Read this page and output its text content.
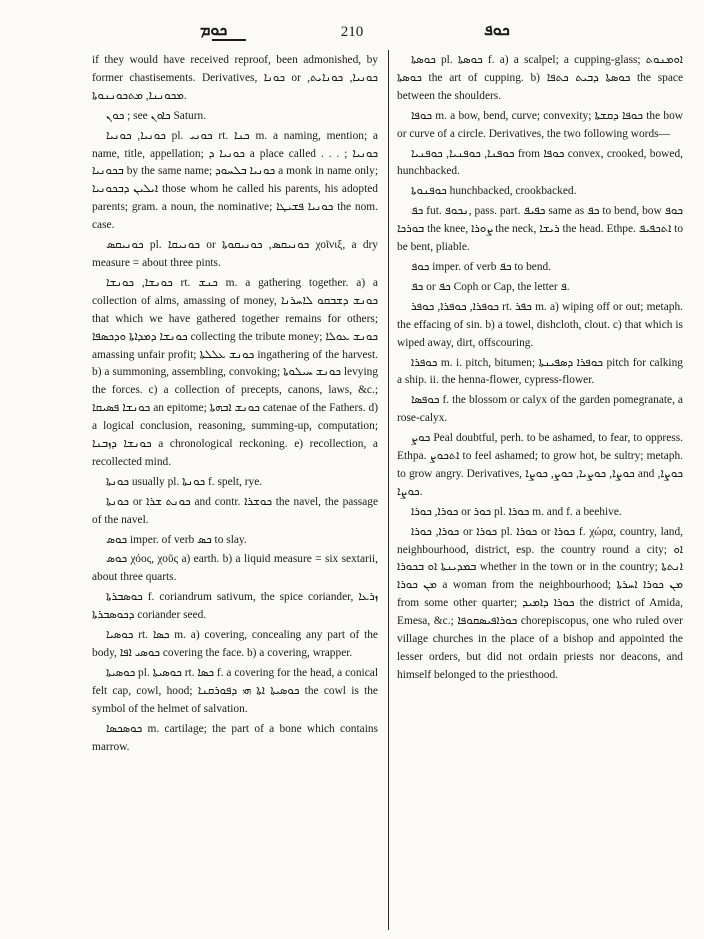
ܟܘܡ	210	ܟܘܦ

if they would have received reproof, been admonished, by former chastisements. Derivatives, ܟܘܢܐ or ܟܘܢܝܐ, ܟܘܢܐܝܬ, ܡܟܘܢܢܐ, ܡܬܟܘܢܢܘܬܐ.

ܟܘܢ ; see ܟܐܘܢ Saturn.

ܟܘܢܝܐ, ܟܘܢܝܐ pl. ܟܘܢܝ rt. ܟܢܐ m. a naming, mention; a name, title, appellation; ܟܘܢܝܐ ܕ a place called . . . ; ܟܘܢܝܐ ܒܟܘܢܝܐ by the same name; ܟܘܢܝܐ ܒܠܚܘܕ a monk in name only; ܐܝܠܝܢ ܕܒܟܘܢܝܐ those whom he called his parents, his adopted parents; gram. a noun, the nominative; ܟܘܢܝܐ ܦܫܝܛܐ the nom. case.

ܟܘܢܝܩܣ pl. ܟܘܢܝܩܐ or ܟܘܢܝܩܣ, ܟܘܢܝܩܘܬܐ χοῖνιξ, a dry measure = about three pints.

ܟܘܢܫܐ, ܟܘܢܫܐ rt. ܟܢܫ m. a gathering together. a) a collection of alms, amassing of money, ܟܘܢܫ ܕܫܒܩܘ ܠܐܚܪܢܐ that which we have gathered together remains for others; ܟܘܢܫܐ ܕܡܕܐܬܐ ܘܕܟܣܦܐ collecting the tribute money; ܟܘܢܫ ܥܘܠܐ amassing unfair profit; ܟܘܢܫ ܥܠܠܬܐ ingathering of the harvest. b) a summoning, assembling, convoking; ܟܘܢܫ ܚܝܠܘܬܐ levying the forces. c) a collection of precepts, canons, laws, &c.; ܟܘܢܫܐ ܦܣܝܩܐ an epitome; ܟܘܢܫ ܐܒܗܬܐ catenae of the Fathers. d) a logical conclusion, reasoning, summing-up, computation; ܟܘܢܫܐ ܕܙܒܢܐ a chronological reckoning. e) recollection, a recollected mind.

ܟܘܢܬܐ usually pl. ܟܘܢܬܐ f. spelt, rye.

ܟܘܢܬܐ or ܟܘܢܬ ܫܪܐ and contr. ܟܘܫܪܐ the navel, the passage of the navel.

ܟܘܣ imper. of verb ܟܣ to slay.

ܟܘܣ χόος, χοῦς a) earth. b) a liquid measure = six sextarii, about three quarts.

ܟܘܣܒܪܬܐ f. coriandrum sativum, the spice coriander, ܙܪܥܐ ܕܟܘܣܒܪܬܐ coriander seed.

ܟܘܣܝܐ rt. ܟܣܐ m. a) covering, concealing any part of the body, ܟܘܣܝ ܐܦܐ covering the face. b) a covering, wrapper.

ܟܘܣܝܬܐ pl. ܟܘܣܝܬܐ rt. ܟܣܐ f. a covering for the head, a conical felt cap, cowl, hood; ܟܘܣܝܬܐ ܐܬܐ ܗܝ ܕܦܘܪܩܢܐ the cowl is the symbol of the helmet of salvation.

ܟܘܣܟܣܐ m. cartilage; the part of a bone which contains marrow.

ܟܘܣܬܐ pl. ܟܘܣܬܐ f. a) a scalpel; a cupping-glass; ܐܘܡܢܘܬ ܟܘܣܬܐ the art of cupping. b) ܟܘܣܬܐ ܕܒܝܬ ܟܬܦܐ the space between the shoulders.

ܟܘܦܐ m. a bow, bend, curve; convexity; ܟܘܦܐ ܕܩܫܬܐ the bow or curve of a circle. Derivatives, the two following words—

ܟܘܦܢܐ, ܟܘܦܢܝܐ, ܟܘܦܢܝܐ from ܟܘܦܐ convex, crooked, bowed, hunchbacked.

ܟܘܦܢܘܬܐ hunchbacked, crookbacked.

ܟܦ fut. ܢܟܘܦ, pass. part. ܟܦܝܦ same as ܟܦ to bend, bow ܟܘܦ ܒܘܪܟܐ the knee, ܨܘܪܐ the neck, ܪܝܫܐ the head. Ethpe. ܐܬܟܦܝܦ to be bent, pliable.

ܟܘܦ imper. of verb ܟܦ to bend.

ܟܦ or ܟܦ Coph or Cap, the letter ܦ.

ܟܘܦܪܐ, ܟܘܦܪܐ, ܟܘܦܪ rt. ܟܦܪ m. a) wiping off or out; metaph. the effacing of sin. b) a towel, dishcloth, clout. c) that which is wiped away, dirt, offscouring.

ܟܘܦܪܐ m. i. pitch, bitumen; ܟܘܦܪܐ ܕܣܦܝܢܬܐ pitch for calking a ship. ii. the henna-flower, cypress-flower.

ܟܘܦܣܐ f. the blossom or calyx of the garden pomegranate, a rose-calyx.

ܟܘܨ Peal doubtful, perh. to be ashamed, to fear, to oppress. Ethpa. ܐܬܟܘܨ to feel ashamed; to grow hot, be sultry; metaph. to grow angry. Derivatives, ܟܘܨܐ, ܟܘܨܝܐ, ܟܘܨ, ܟܘܨܐ and ܟܘܨܐ, ܟܘܨܐ.

ܟܘܪܐ, ܟܘܪܐ or ܟܘܪ pl. ܟܘܪܐ m. and f. a beehive.

ܟܘܪܐ, ܟܘܪܐ or ܟܘܪܐ pl. ܟܘܪܐ or ܟܘܪܐ f. χώρα, country, land, neighbourhood, district, esp. the country round a city; ܐܘ ܒܡܕܝܢܬܐ ܐܘ ܒܟܘܪܐ whether in the town or in the country; ܐܢܬܬܐ ܡܢ ܟܘܪܐ a woman from the neighbourhood; ܡܢ ܟܘܪܐ ܐܚܪܬܐ from some other quarter; ܟܘܪܐ ܕܐܡܝܕ the district of Amida, Emesa, &c.; ܟܘܪܐܦܝܣܩܘܦܐ chorepiscopus, one who ruled over village churches in the place of a bishop and appointed the lesser orders, but did not ordain priests nor deacons, and himself belonged to the priesthood.
